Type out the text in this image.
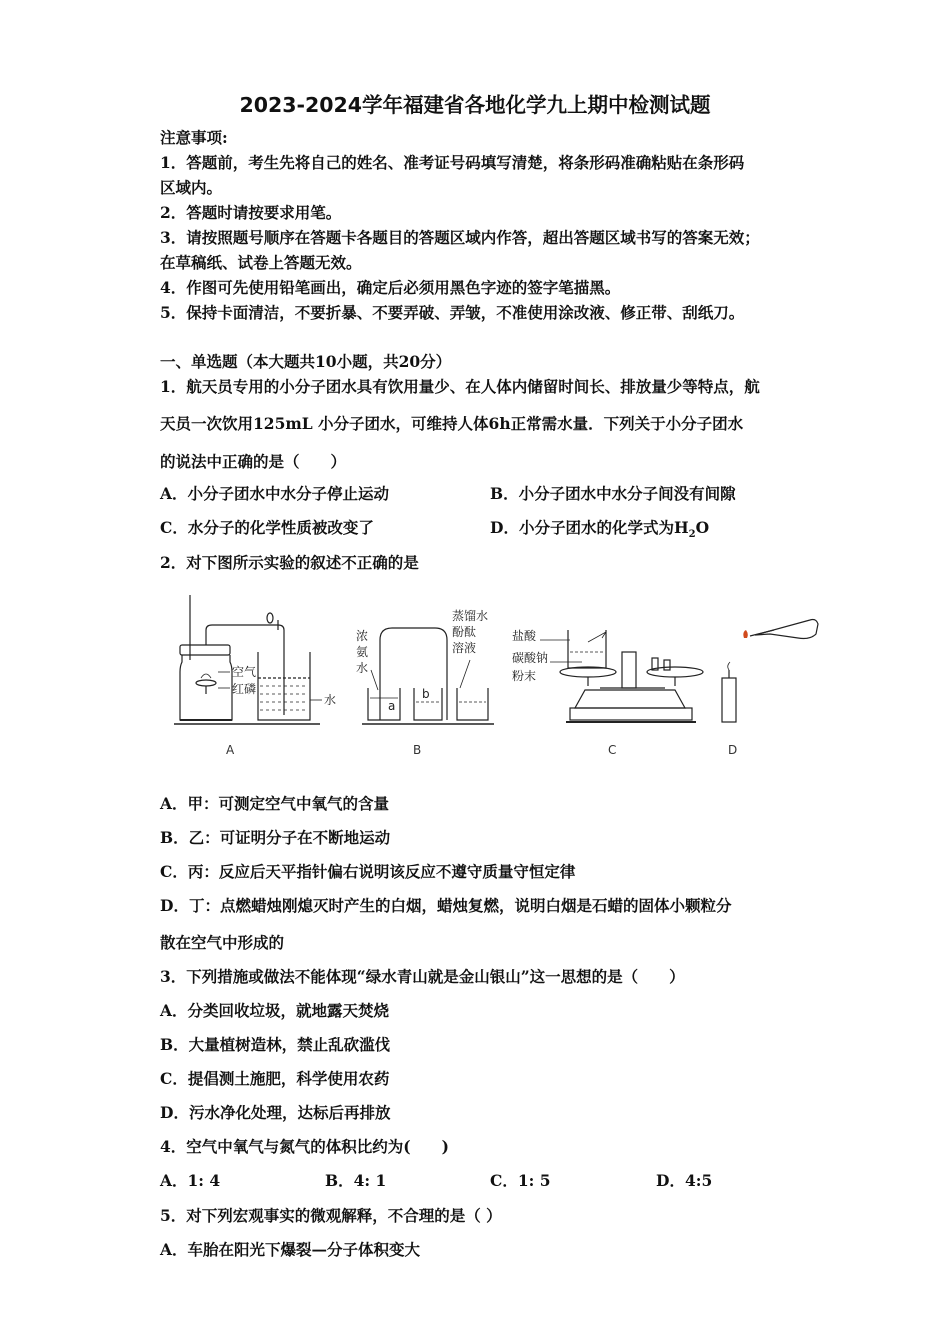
2023-2024学年福建省各地化学九上期中检测试题
注意事项:
1．答题前，考生先将自己的姓名、准考证号码填写清楚，将条形码准确粘贴在条形码
区域内。
2．答题时请按要求用笔。
3．请按照题号顺序在答题卡各题目的答题区域内作答，超出答题区域书写的答案无效；
在草稿纸、试卷上答题无效。
4．作图可先使用铅笔画出，确定后必须用黑色字迹的签字笔描黑。
5．保持卡面清洁，不要折暴、不要弄破、弄皱，不准使用涂改液、修正带、刮纸刀。
一、单选题（本大题共10小题，共20分）
1．航天员专用的小分子团水具有饮用量少、在人体内储留时间长、排放量少等特点，航
天员一次饮用125mL 小分子团水，可维持人体6h正常需水量．下列关于小分子团水
的说法中正确的是（　　）
A．小分子团水中水分子停止运动	B．小分子团水中水分子间没有间隙
C．水分子的化学性质被改变了	D．小分子团水的化学式为$H_2O$
2．对下图所示实验的叙述不正确的是
空气
红磷
水
浓
氨
水
蒸馏水
酚酞
溶液
a
b
盐酸
碳酸钠
粉末
A	B	C	D
A．甲：可测定空气中氧气的含量
B．乙：可证明分子在不断地运动
C．丙：反应后天平指针偏右说明该反应不遵守质量守恒定律
D．丁：点燃蜡烛刚熄灭时产生的白烟，蜡烛复燃，说明白烟是石蜡的固体小颗粒分
散在空气中形成的
3．下列措施或做法不能体现“绿水青山就是金山银山”这一思想的是（　　）
A．分类回收垃圾，就地露天焚烧
B．大量植树造林，禁止乱砍滥伐
C．提倡测土施肥，科学使用农药
D．污水净化处理，达标后再排放
4．空气中氧气与氮气的体积比约为(　　)
A．1: 4	B．4: 1	C．1: 5	D．4:5
5．对下列宏观事实的微观解释，不合理的是（ ）
A．车胎在阳光下爆裂—分子体积变大
